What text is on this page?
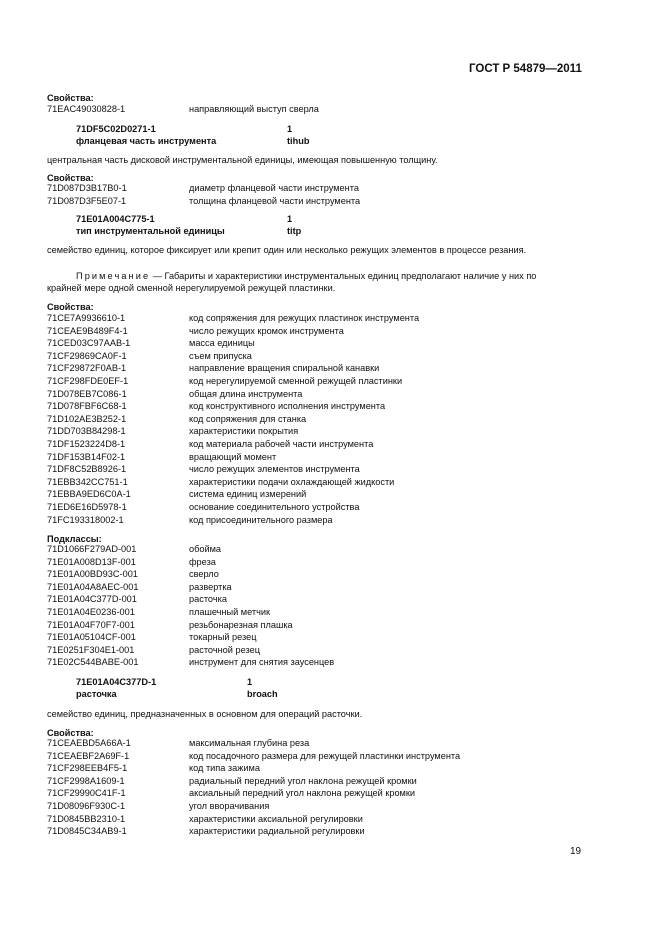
ГОСТ Р 54879—2011
Свойства:
71EAC49030828-1	направляющий выступ сверла
71DF5C02D0271-1	1
фланцевая часть инструмента	tihub
центральная часть дисковой инструментальной единицы, имеющая повышенную толщину.
Свойства:
71D087D3B17B0-1	диаметр фланцевой части инструмента
71D087D3F5E07-1	толщина фланцевой части инструмента
71E01A004C775-1	1
тип инструментальной единицы	titp
семейство единиц, которое фиксирует или крепит один или несколько режущих элементов в процессе резания.
Примечание — Габариты и характеристики инструментальных единиц предполагают наличие у них по
крайней мере одной сменной нерегулируемой режущей пластинки.
Свойства:
71CE7A9936610-1	код сопряжения для режущих пластинок инструмента
71CEAE9B489F4-1	число режущих кромок инструмента
71CED03C97AAB-1	масса единицы
71CF29869CA0F-1	съем припуска
71CF29872F0AB-1	направление вращения спиральной канавки
71CF298FDE0EF-1	код нерегулируемой сменной режущей пластинки
71D078EB7C086-1	общая длина инструмента
71D078FBF6C68-1	код конструктивного исполнения инструмента
71D102AE3B252-1	код сопряжения для станка
71DD703B84298-1	характеристики покрытия
71DF1523224D8-1	код материала рабочей части инструмента
71DF153B14F02-1	вращающий момент
71DF8C52B8926-1	число режущих элементов инструмента
71EBB342CC751-1	характеристики подачи охлаждающей жидкости
71EBBA9ED6C0A-1	система единиц измерений
71ED6E16D5978-1	основание соединительного устройства
71FC193318002-1	код присоединительного размера
Подклассы:
71D1066F279AD-001	обойма
71E01A008D13F-001	фреза
71E01A00BD93C-001	сверло
71E01A04A8AEC-001	развертка
71E01A04C377D-001	расточка
71E01A04E0236-001	плашечный метчик
71E01A04F70F7-001	резьбонарезная плашка
71E01A05104CF-001	токарный резец
71E0251F304E1-001	расточной резец
71E02C544BABE-001	инструмент для снятия заусенцев
71E01A04C377D-1	1
расточка	broach
семейство единиц, предназначенных в основном для операций расточки.
Свойства:
71CEAEBD5A66A-1	максимальная глубина реза
71CEAEBF2A69F-1	код посадочного размера для режущей пластинки инструмента
71CF298EEB4F5-1	код типа зажима
71CF2998A1609-1	радиальный передний угол наклона режущей кромки
71CF29990C41F-1	аксиальный передний угол наклона режущей кромки
71D08096F930C-1	угол вворачивания
71D0845BB2310-1	характеристики аксиальной регулировки
71D0845C34AB9-1	характеристики радиальной регулировки
19
